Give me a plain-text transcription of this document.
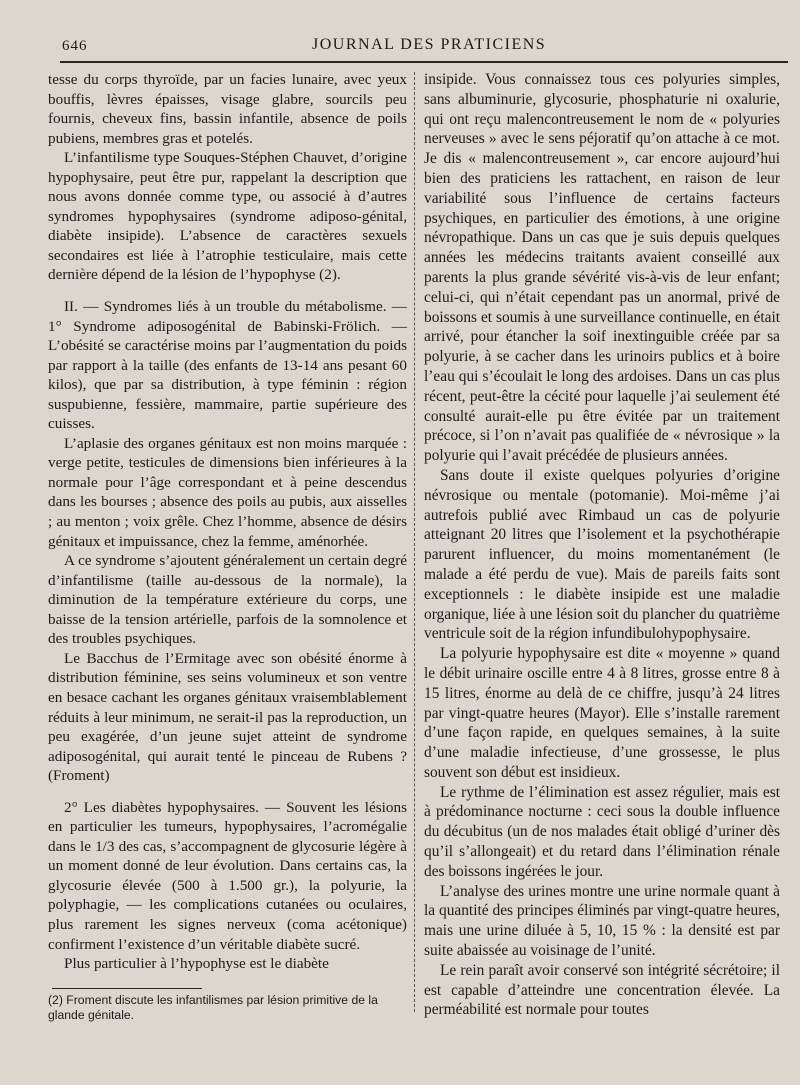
646	JOURNAL DES PRATICIENS

tesse du corps thyroïde, par un facies lunaire, avec yeux bouffis, lèvres épaisses, visage glabre, sourcils peu fournis, cheveux fins, bassin infantile, absence de poils pubiens, membres gras et potelés.

L’infantilisme type Souques-Stéphen Chauvet, d’origine hypophysaire, peut être pur, rappelant la description que nous avons donnée comme type, ou associé à d’autres syndromes hypophysaires (syndrome adiposo-génital, diabète insipide). L’absence de caractères sexuels secondaires est liée à l’atrophie testiculaire, mais cette dernière dépend de la lésion de l’hypophyse (2).

II. — Syndromes liés à un trouble du métabolisme. — 1° Syndrome adiposogénital de Babinski-Frölich. — L’obésité se caractérise moins par l’augmentation du poids par rapport à la taille (des enfants de 13-14 ans pesant 60 kilos), que par sa distribution, à type féminin : région suspubienne, fessière, mammaire, partie supérieure des cuisses.

L’aplasie des organes génitaux est non moins marquée : verge petite, testicules de dimensions bien inférieures à la normale pour l’âge correspondant et à peine descendus dans les bourses ; absence des poils au pubis, aux aisselles ; au menton ; voix grêle. Chez l’homme, absence de désirs génitaux et impuissance, chez la femme, aménorhée.

A ce syndrome s’ajoutent généralement un certain degré d’infantilisme (taille au-dessous de la normale), la diminution de la température extérieure du corps, une baisse de la tension artérielle, parfois de la somnolence et des troubles psychiques.

Le Bacchus de l’Ermitage avec son obésité énorme à distribution féminine, ses seins volumineux et son ventre en besace cachant les organes génitaux vraisemblablement réduits à leur minimum, ne serait-il pas la reproduction, un peu exagérée, d’un jeune sujet atteint de syndrome adiposogénital, qui aurait tenté le pinceau de Rubens ? (Froment)

2° Les diabètes hypophysaires. — Souvent les lésions en particulier les tumeurs, hypophysaires, l’acromégalie dans le 1/3 des cas, s’accompagnent de glycosurie légère à un moment donné de leur évolution. Dans certains cas, la glycosurie élevée (500 à 1.500 gr.), la polyurie, la polyphagie, — les complications cutanées ou oculaires, plus rarement les signes nerveux (coma acétonique) confirment l’existence d’un véritable diabète sucré.

Plus particulier à l’hypophyse est le diabète

insipide. Vous connaissez tous ces polyuries simples, sans albuminurie, glycosurie, phosphaturie ni oxalurie, qui ont reçu malencontreusement le nom de « polyuries nerveuses » avec le sens péjoratif qu’on attache à ce mot. Je dis « malencontreusement », car encore aujourd’hui bien des praticiens les rattachent, en raison de leur variabilité sous l’influence de certains facteurs psychiques, en particulier des émotions, à une origine névropathique. Dans un cas que je suis depuis quelques années les médecins traitants avaient conseillé aux parents la plus grande sévérité vis-à-vis de leur enfant; celui-ci, qui n’était cependant pas un anormal, privé de boissons et soumis à une surveillance continuelle, en était arrivé, pour étancher la soif inextinguible créée par sa polyurie, à se cacher dans les urinoirs publics et à boire l’eau qui s’écoulait le long des ardoises. Dans un cas plus récent, peut-être la cécité pour laquelle j’ai seulement été consulté aurait-elle pu être évitée par un traitement précoce, si l’on n’avait pas qualifiée de « névrosique » la polyurie qui l’avait précédée de plusieurs années.

Sans doute il existe quelques polyuries d’origine névrosique ou mentale (potomanie). Moi-même j’ai autrefois publié avec Rimbaud un cas de polyurie atteignant 20 litres que l’isolement et la psychothérapie parurent influencer, du moins momentanément (le malade a été perdu de vue). Mais de pareils faits sont exceptionnels : le diabète insipide est une maladie organique, liée à une lésion soit du plancher du quatrième ventricule soit de la région infundibulohypophysaire.

La polyurie hypophysaire est dite « moyenne » quand le débit urinaire oscille entre 4 à 8 litres, grosse entre 8 à 15 litres, énorme au delà de ce chiffre, jusqu’à 24 litres par vingt-quatre heures (Mayor). Elle s’installe rarement d’une façon rapide, en quelques semaines, à la suite d’une maladie infectieuse, d’une grossesse, le plus souvent son début est insidieux.

Le rythme de l’élimination est assez régulier, mais est à prédominance nocturne : ceci sous la double influence du décubitus (un de nos malades était obligé d’uriner dès qu’il s’allongeait) et du retard dans l’élimination rénale des boissons ingérées le jour.

L’analyse des urines montre une urine normale quant à la quantité des principes éliminés par vingt-quatre heures, mais une urine diluée à 5, 10, 15 % : la densité est par suite abaissée au voisinage de l’unité.

Le rein paraît avoir conservé son intégrité sécrétoire; il est capable d’atteindre une concentration élevée. La perméabilité est normale pour toutes

(2) Froment discute les infantilismes par lésion primitive de la glande génitale.
